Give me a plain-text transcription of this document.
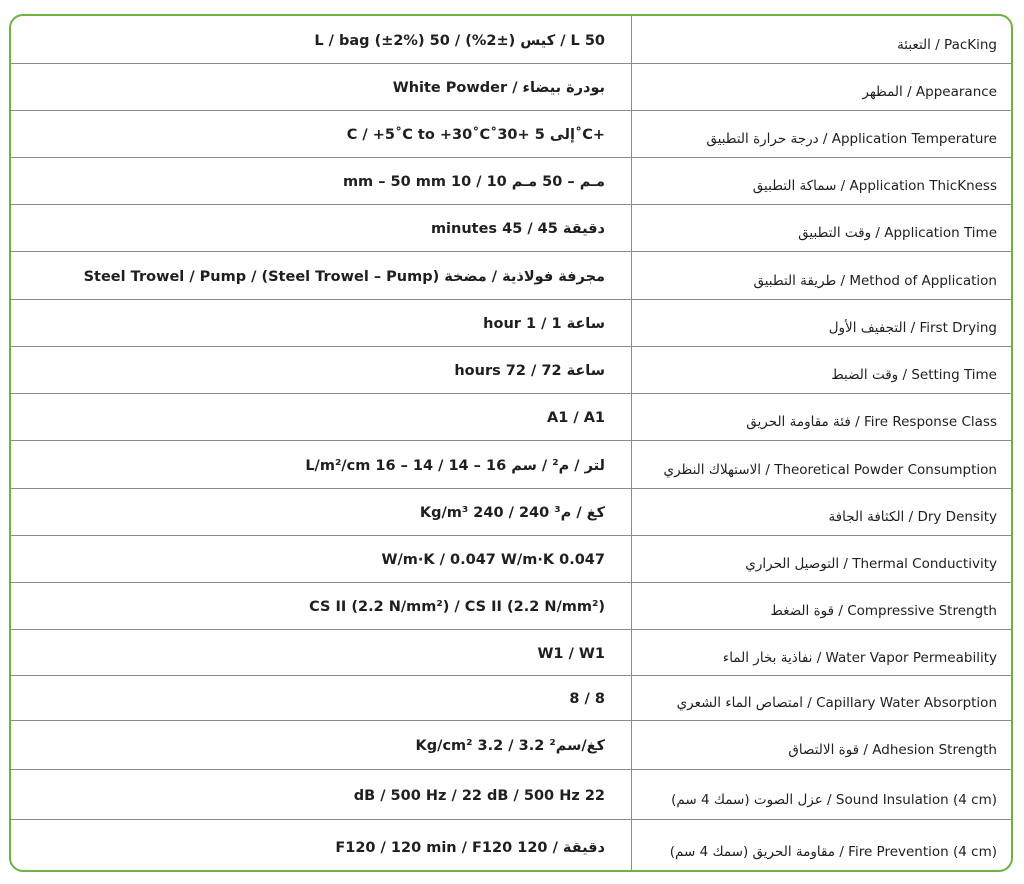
L / bag (±2%) 50 / (%2±) كيس / L 50	التعبئة / PacKing
White Powder / بودرة بيضاء	المظهر / Appearance
C / +5˚C to +30˚C˚30+ إلى 5˚C+	درجة حرارة التطبيق / Application Temperature
mm – 50 mm 10 / 10 مـم – 50 مـم	سماكة التطبيق / Application ThicKness
minutes 45 / 45 دقيقة	وقت التطبيق / Application Time
Steel Trowel / Pump / (Steel Trowel – Pump) مجرفة فولاذية / مضخة	طريقة التطبيق / Method of Application
hour 1 / 1 ساعة	التجفيف الأول / First Drying
hours 72 / 72 ساعة	وقت الضبط / Setting Time
A1 / A1	فئة مقاومة الحريق / Fire Response Class
L/m²/cm 16 – 14 / 14 – 16 لتر / م² / سم	الاستهلاك النظري / Theoretical Powder Consumption
Kg/m³ 240 / 240 كغ / م³	الكثافة الجافة / Dry Density
W/m·K / 0.047 W/m·K 0.047	التوصيل الحراري / Thermal Conductivity
CS II (2.2 N/mm²) / CS II (2.2 N/mm²)	قوة الضغط / Compressive Strength
W1 / W1	نفاذية بخار الماء / Water Vapor Permeability
8 / 8	امتصاص الماء الشعري / Capillary Water Absorption
Kg/cm² 3.2 / 3.2 كغ/سم²	قوة الالتصاق / Adhesion Strength
dB / 500 Hz / 22 dB / 500 Hz 22	عزل الصوت (سمك 4 سم) / Sound Insulation (4 cm)
F120 / 120 min / F120 دقيقة / 120	مقاومة الحريق (سمك 4 سم) / Fire Prevention (4 cm)
